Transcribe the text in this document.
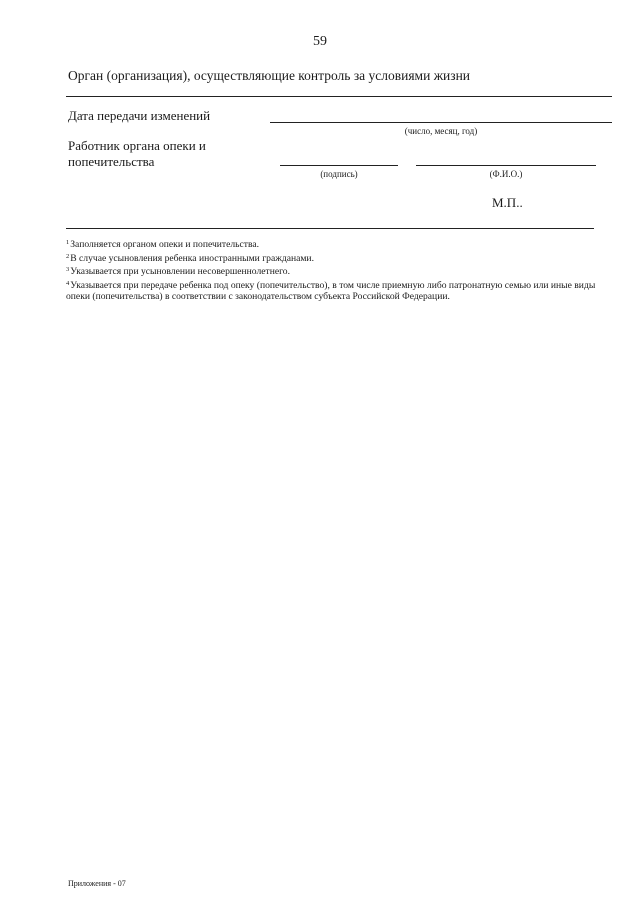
59
Орган (организация), осуществляющие контроль за условиями жизни
Дата передачи изменений
(число, месяц, год)
Работник органа опеки и
попечительства
(подпись)	(Ф.И.О.)
М.П..

$^1$Заполняется органом опеки и попечительства.

$^2$В случае усыновления ребенка иностранными гражданами.

$^3$Указывается при усыновлении несовершеннолетнего.

$^4$Указывается при передаче ребенка под опеку (попечительство), в том числе приемную либо патронатную семью или иные виды опеки (попечительства) в соответствии с законодательством субъекта Российской Федерации.

Приложения - 07
